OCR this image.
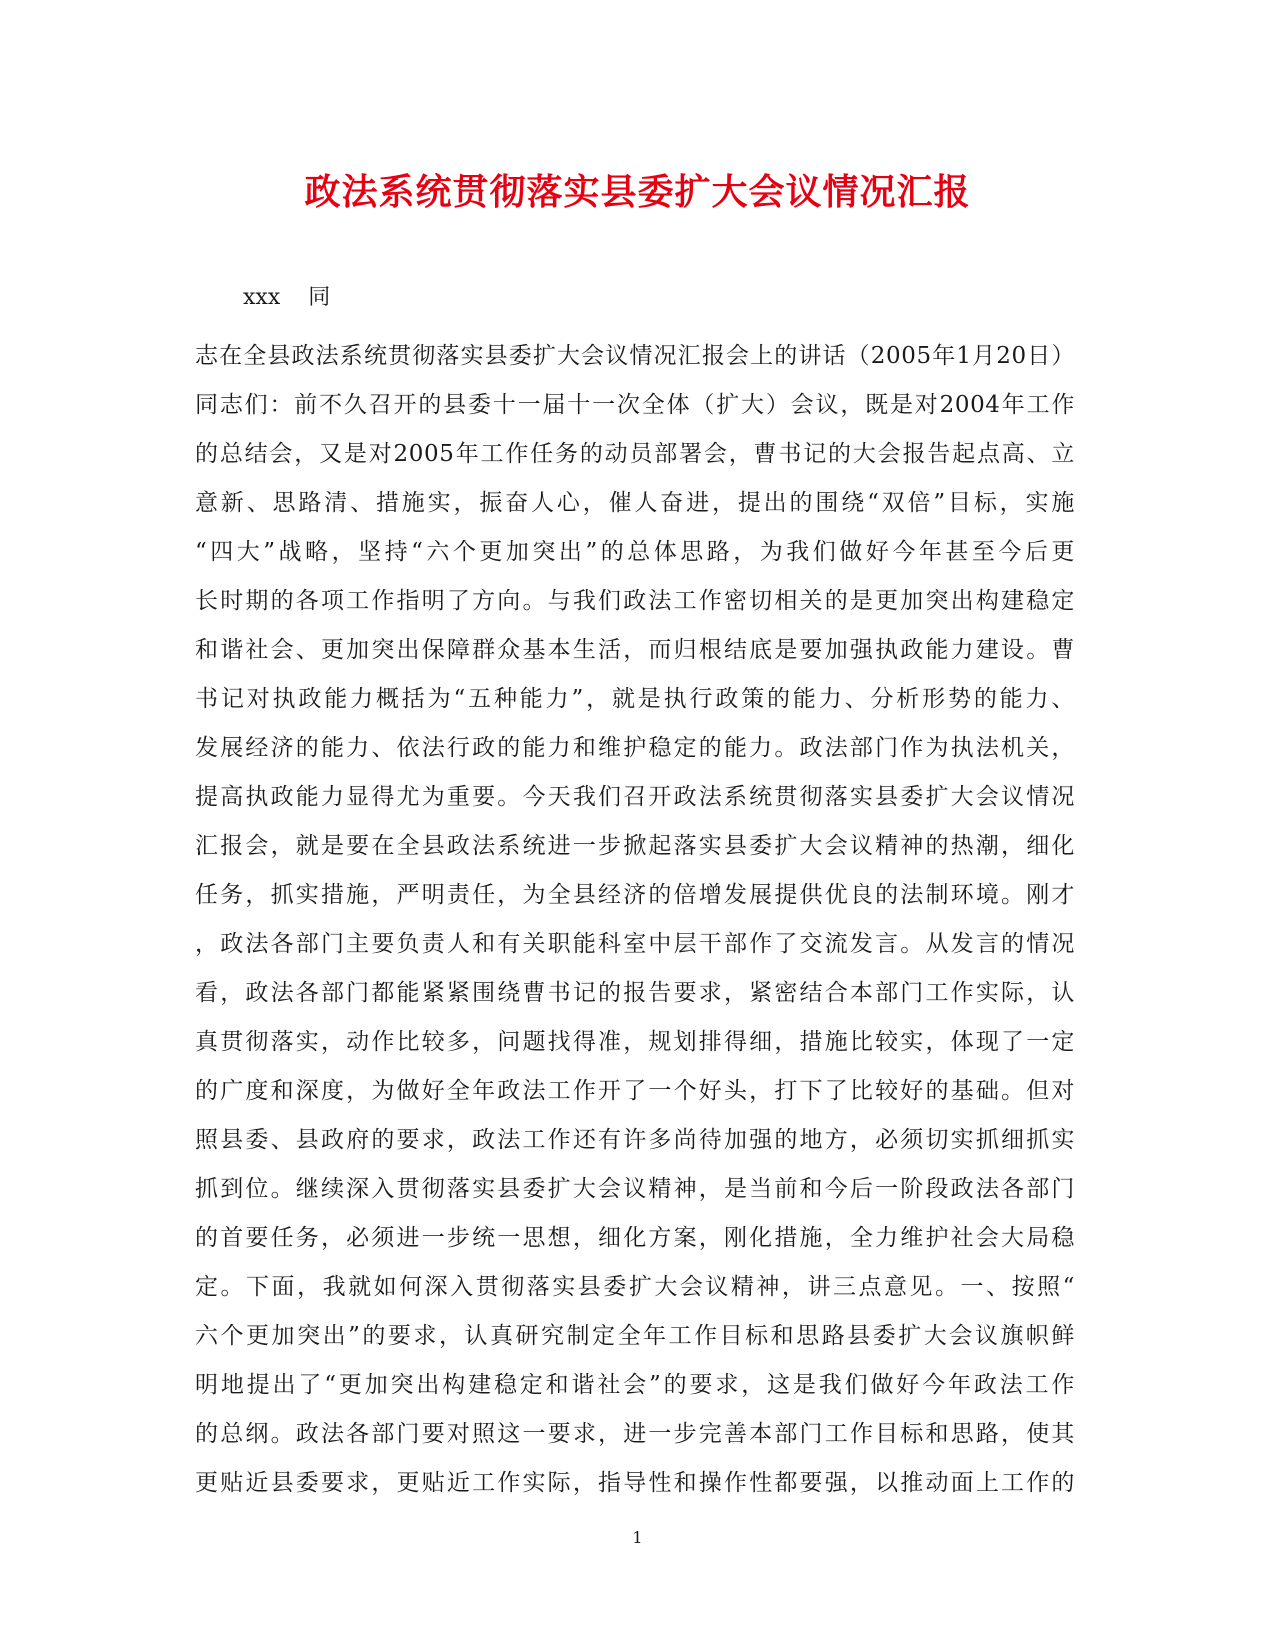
政法系统贯彻落实县委扩大会议情况汇报
xxx    同
志在全县政法系统贯彻落实县委扩大会议情况汇报会上的讲话（2005年1月20日）
同志们：前不久召开的县委十一届十一次全体（扩大）会议，既是对2004年工作
的总结会，又是对2005年工作任务的动员部署会，曹书记的大会报告起点高、立
意新、思路清、措施实，振奋人心，催人奋进，提出的围绕“双倍”目标，实施
“四大”战略，坚持“六个更加突出”的总体思路，为我们做好今年甚至今后更
长时期的各项工作指明了方向。与我们政法工作密切相关的是更加突出构建稳定
和谐社会、更加突出保障群众基本生活，而归根结底是要加强执政能力建设。曹
书记对执政能力概括为“五种能力”，就是执行政策的能力、分析形势的能力、
发展经济的能力、依法行政的能力和维护稳定的能力。政法部门作为执法机关，
提高执政能力显得尤为重要。今天我们召开政法系统贯彻落实县委扩大会议情况
汇报会，就是要在全县政法系统进一步掀起落实县委扩大会议精神的热潮，细化
任务，抓实措施，严明责任，为全县经济的倍增发展提供优良的法制环境。刚才
，政法各部门主要负责人和有关职能科室中层干部作了交流发言。从发言的情况
看，政法各部门都能紧紧围绕曹书记的报告要求，紧密结合本部门工作实际，认
真贯彻落实，动作比较多，问题找得准，规划排得细，措施比较实，体现了一定
的广度和深度，为做好全年政法工作开了一个好头，打下了比较好的基础。但对
照县委、县政府的要求，政法工作还有许多尚待加强的地方，必须切实抓细抓实
抓到位。继续深入贯彻落实县委扩大会议精神，是当前和今后一阶段政法各部门
的首要任务，必须进一步统一思想，细化方案，刚化措施，全力维护社会大局稳
定。下面，我就如何深入贯彻落实县委扩大会议精神，讲三点意见。一、按照“
六个更加突出”的要求，认真研究制定全年工作目标和思路县委扩大会议旗帜鲜
明地提出了“更加突出构建稳定和谐社会”的要求，这是我们做好今年政法工作
的总纲。政法各部门要对照这一要求，进一步完善本部门工作目标和思路，使其
更贴近县委要求，更贴近工作实际，指导性和操作性都要强，以推动面上工作的
1
